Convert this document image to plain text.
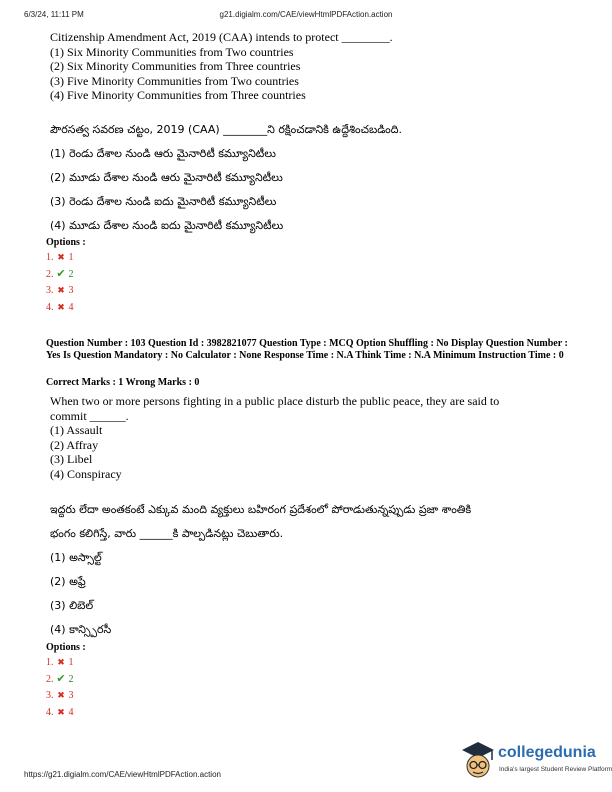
6/3/24, 11:11 PM	g21.digialm.com/CAE/viewHtmlPDFAction.action
Citizenship Amendment Act, 2019 (CAA) intends to protect ________.
(1) Six Minority Communities from Two countries
(2) Six Minority Communities from Three countries
(3) Five Minority Communities from Two countries
(4) Five Minority Communities from Three countries
పౌరసత్వ సవరణ చట్టం, 2019 (CAA) ________ని రక్షించడానికి ఉద్దేశించబడింది.
(1) రెండు దేశాల నుండి ఆరు మైనారిటీ కమ్యూనిటీలు
(2) మూడు దేశాల నుండి ఆరు మైనారిటీ కమ్యూనిటీలు
(3) రెండు దేశాల నుండి ఐదు మైనారిటీ కమ్యూనిటీలు
(4) మూడు దేశాల నుండి ఐదు మైనారిటీ కమ్యూనిటీలు
Options :
1. ✖ 1
2. ✔ 2
3. ✖ 3
4. ✖ 4
Question Number : 103 Question Id : 3982821077 Question Type : MCQ Option Shuffling : No Display Question Number : Yes Is Question Mandatory : No Calculator : None Response Time : N.A Think Time : N.A Minimum Instruction Time : 0
Correct Marks : 1 Wrong Marks : 0
When two or more persons fighting in a public place disturb the public peace, they are said to
commit ______.
(1) Assault
(2) Affray
(3) Libel
(4) Conspiracy
ఇద్దరు లేదా అంతకంటే ఎక్కువ మంది వ్యక్తులు బహిరంగ ప్రదేశంలో పోరాడుతున్నప్పుడు ప్రజా శాంతికి
భంగం కలిగిస్తే, వారు ______కి పాల్పడినట్లు చెబుతారు.
(1) అస్సాల్ట్
(2) అఫ్రే
(3) లిబెల్
(4) కాన్స్పిరసీ
Options :
1. ✖ 1
2. ✔ 2
3. ✖ 3
4. ✖ 4
https://g21.digialm.com/CAE/viewHtmlPDFAction.action
collegedunia
India's largest Student Review Platform
